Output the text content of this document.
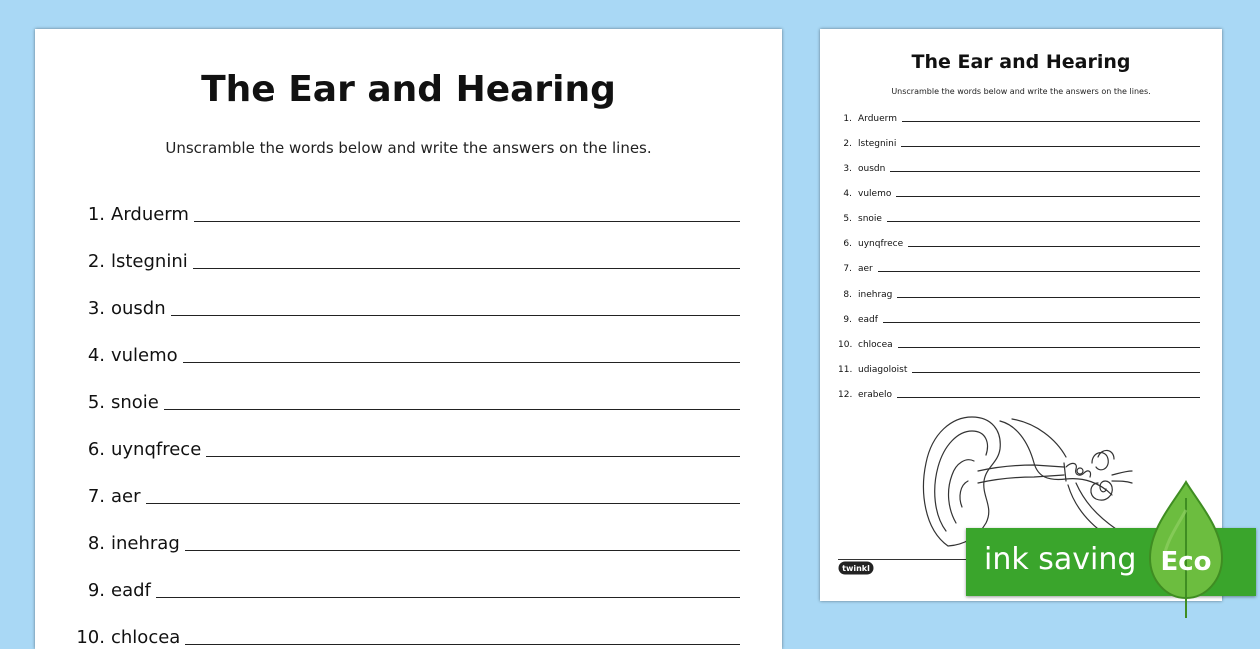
The Ear and Hearing
Unscramble the words below and write the answers on the lines.
1. Arduerm
2. lstegnini
3. ousdn
4. vulemo
5. snoie
6. uynqfrece
7. aer
8. inehrag
9. eadf
10. chlocea
The Ear and Hearing
Unscramble the words below and write the answers on the lines.
1. Arduerm
2. lstegnini
3. ousdn
4. vulemo
5. snoie
6. uynqfrece
7. aer
8. inehrag
9. eadf
10. chlocea
11. udiagoloist
12. erabelo
twinkl	ink saving Eco
